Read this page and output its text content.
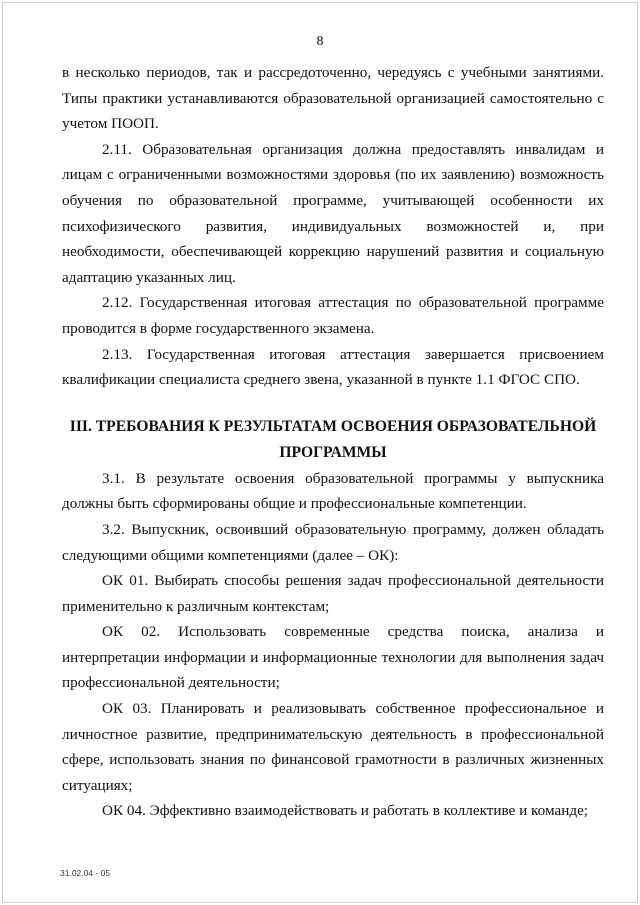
8

в несколько периодов, так и рассредоточенно, чередуясь с учебными занятиями. Типы практики устанавливаются образовательной организацией самостоятельно с учетом ПООП.

2.11. Образовательная организация должна предоставлять инвалидам и лицам с ограниченными возможностями здоровья (по их заявлению) возможность обучения по образовательной программе, учитывающей особенности их психофизического развития, индивидуальных возможностей и, при необходимости, обеспечивающей коррекцию нарушений развития и социальную адаптацию указанных лиц.

2.12. Государственная итоговая аттестация по образовательной программе проводится в форме государственного экзамена.

2.13. Государственная итоговая аттестация завершается присвоением квалификации специалиста среднего звена, указанной в пункте 1.1 ФГОС СПО.

III. ТРЕБОВАНИЯ К РЕЗУЛЬТАТАМ ОСВОЕНИЯ ОБРАЗОВАТЕЛЬНОЙ ПРОГРАММЫ

3.1. В результате освоения образовательной программы у выпускника должны быть сформированы общие и профессиональные компетенции.

3.2. Выпускник, освоивший образовательную программу, должен обладать следующими общими компетенциями (далее – ОК):

ОК 01. Выбирать способы решения задач профессиональной деятельности применительно к различным контекстам;

ОК 02. Использовать современные средства поиска, анализа и интерпретации информации и информационные технологии для выполнения задач профессиональной деятельности;

ОК 03. Планировать и реализовывать собственное профессиональное и личностное развитие, предпринимательскую деятельность в профессиональной сфере, использовать знания по финансовой грамотности в различных жизненных ситуациях;

ОК 04. Эффективно взаимодействовать и работать в коллективе и команде;

31.02.04 - 05
